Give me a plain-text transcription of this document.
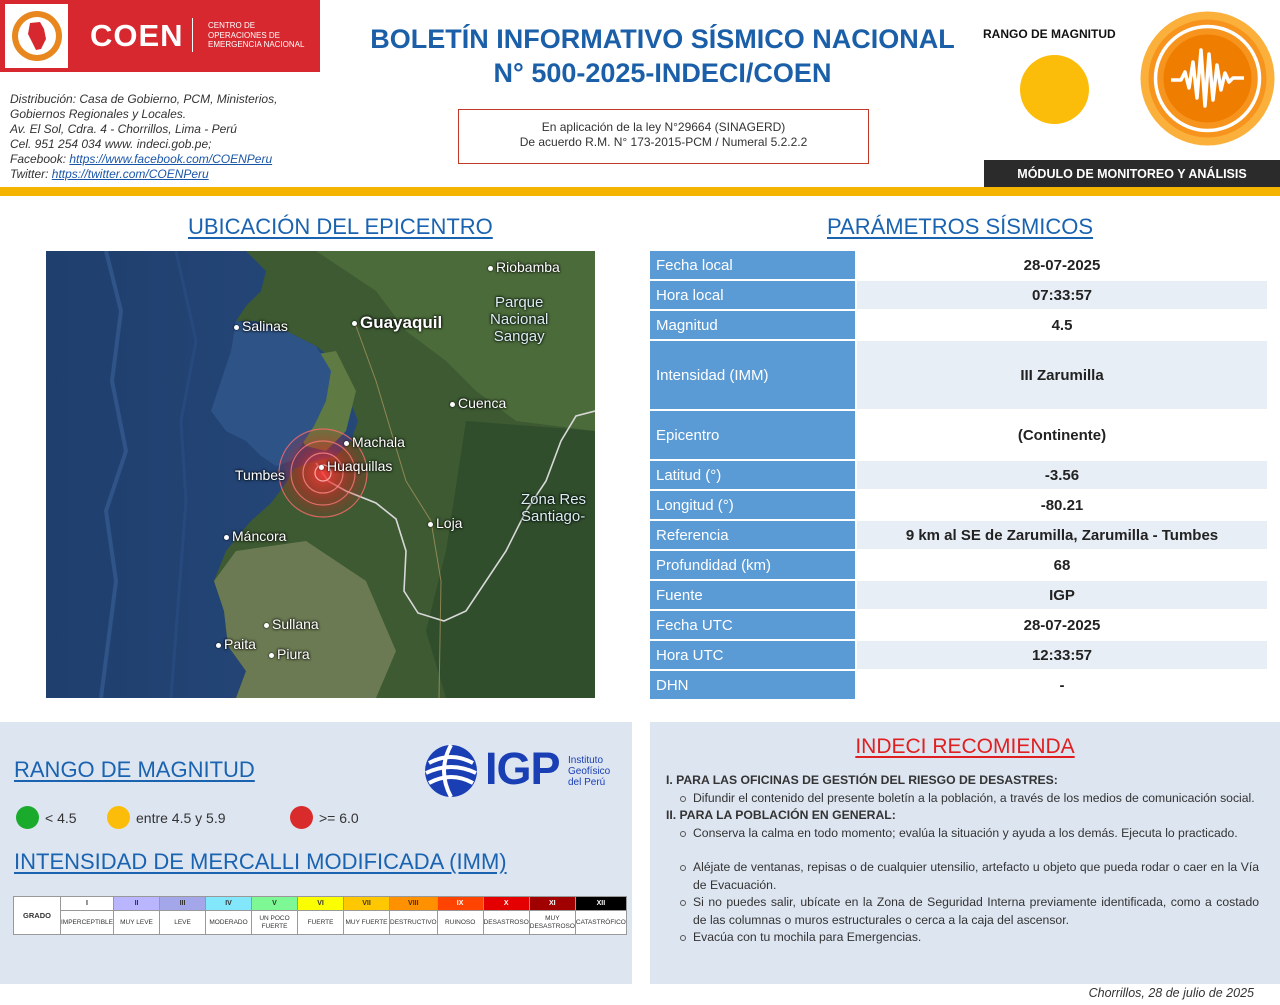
COEN	CENTRO DE
OPERACIONES DE
EMERGENCIA NACIONAL
Distribución: Casa de Gobierno, PCM, Ministerios,
Gobiernos Regionales y Locales.
Av. El Sol, Cdra. 4 - Chorrillos, Lima - Perú
Cel. 951 254 034 www. indeci.gob.pe;
Facebook: https://www.facebook.com/COENPeru
Twitter: https://twitter.com/COENPeru
BOLETÍN INFORMATIVO SÍSMICO NACIONAL
N° 500-2025-INDECI/COEN
En aplicación de la ley N°29664 (SINAGERD)
De acuerdo R.M. N° 173-2015-PCM / Numeral 5.2.2.2
RANGO DE MAGNITUD
MÓDULO DE MONITOREO Y ANÁLISIS
UBICACIÓN DEL EPICENTRO
Riobamba
Parque
Nacional
Sangay
Salinas	Guayaquil
Cuenca
Machala
Huaquillas
Tumbes
Zona Res
Santiago-
Loja
Máncora
Sullana
Paita
Piura
PARÁMETROS SÍSMICOS
Fecha local	28-07-2025
Hora local	07:33:57
Magnitud	4.5
Intensidad (IMM)	III Zarumilla
Epicentro	(Continente)
Latitud (°)	-3.56
Longitud (°)	-80.21
Referencia	9 km al SE de Zarumilla, Zarumilla - Tumbes
Profundidad (km)	68
Fuente	IGP
Fecha UTC	28-07-2025
Hora UTC	12:33:57
DHN	-
RANGO DE MAGNITUD	IGP Instituto
Geofísico
del Perú
< 4.5	entre 4.5 y 5.9	>= 6.0
INTENSIDAD DE MERCALLI MODIFICADA (IMM)
GRADO	I	II	III	IV	V	VI	VII	VIII	IX	X	XI	XII
	IMPERCEPTIBLE	MUY LEVE	LEVE	MODERADO	UN POCO FUERTE	FUERTE	MUY FUERTE	DESTRUCTIVO	RUINOSO	DESASTROSO	MUY DESASTROSO	CATASTRÓFICO
INDECI RECOMIENDA
I. PARA LAS OFICINAS DE GESTIÓN DEL RIESGO DE DESASTRES:
Difundir el contenido del presente boletín a la población, a través de los medios de comunicación social.
II. PARA LA POBLACIÓN EN GENERAL:
Conserva la calma en todo momento; evalúa la situación y ayuda a los demás. Ejecuta lo practicado.
Aléjate de ventanas, repisas o de cualquier utensilio, artefacto u objeto que pueda rodar o caer en la Vía de Evacuación.
Si no puedes salir, ubícate en la Zona de Seguridad Interna previamente identificada, como a costado de las columnas o muros estructurales o cerca a la caja del ascensor.
Evacúa con tu mochila para Emergencias.
Chorrillos, 28 de julio de 2025
